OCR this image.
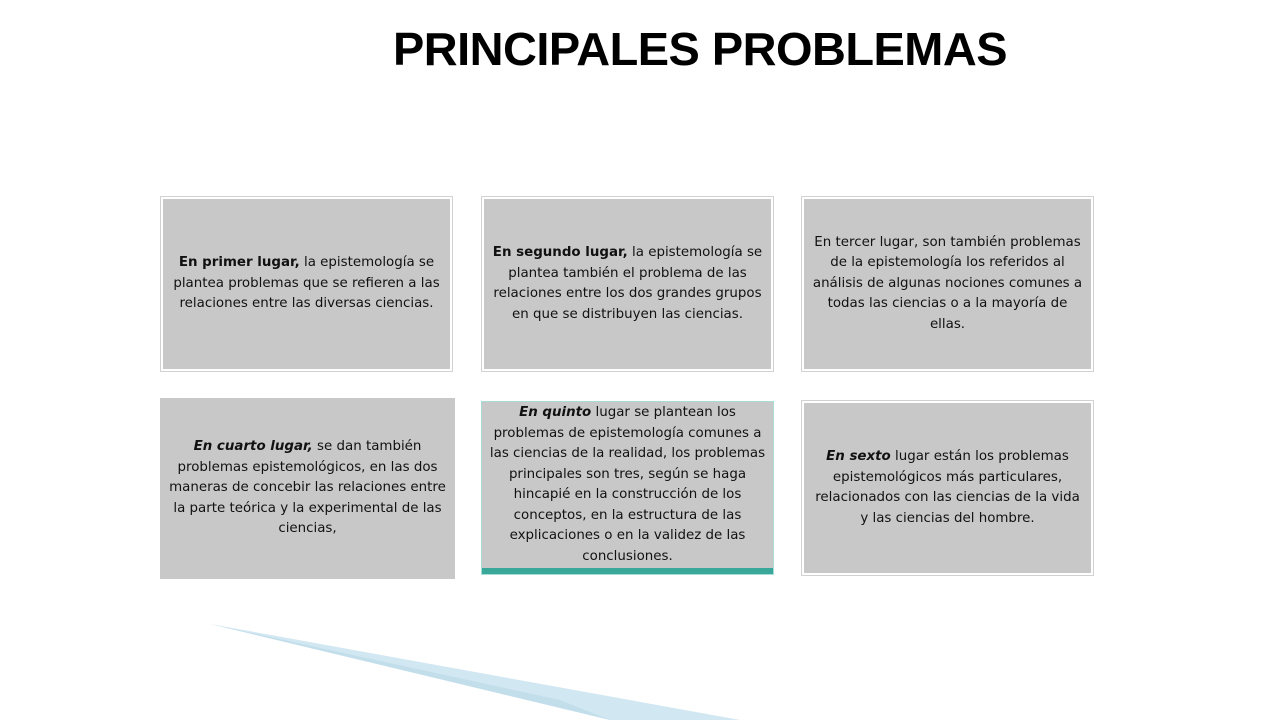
PRINCIPALES PROBLEMAS

En primer lugar, la epistemología se plantea problemas que se refieren a las relaciones entre las diversas ciencias.

En segundo lugar, la epistemología se plantea también el problema de las relaciones entre los dos grandes grupos en que se distribuyen las ciencias.

En tercer lugar, son también problemas de la epistemología los referidos al análisis de algunas nociones comunes a todas las ciencias o a la mayoría de ellas.

En cuarto lugar, se dan también problemas epistemológicos, en las dos maneras de concebir las relaciones entre la parte teórica y la experimental de las ciencias,

En quinto lugar se plantean los problemas de epistemología comunes a las ciencias de la realidad, los problemas principales son tres, según se haga hincapié en la construcción de los conceptos, en la estructura de las explicaciones o en la validez de las conclusiones.

En sexto lugar están los problemas epistemológicos más particulares, relacionados con las ciencias de la vida y las ciencias del hombre.
